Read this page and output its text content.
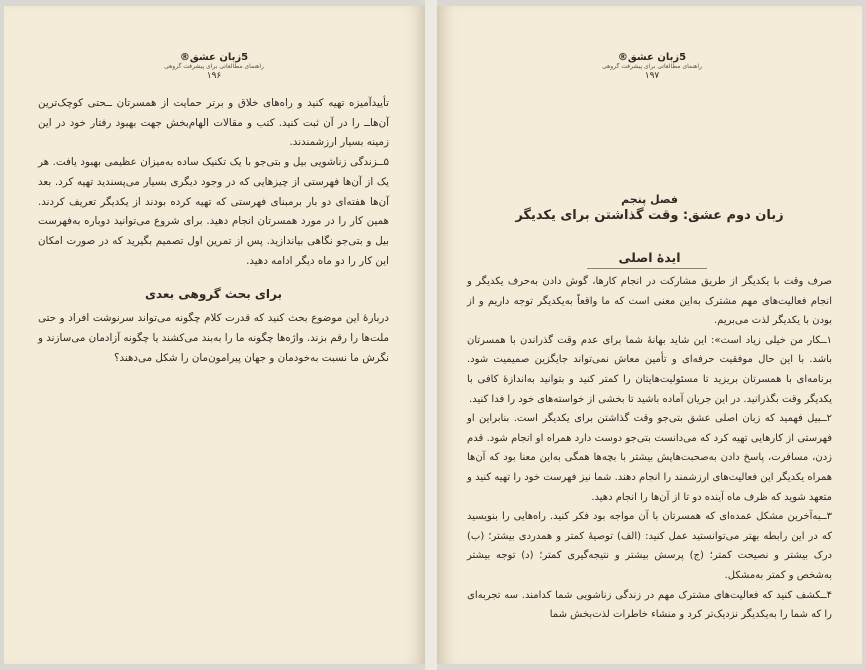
5زبان عشق®
راهنمای مطالعاتی برای پیشرفت گروهی
۱۹۶

تأییدآمیزه تهیه کنید و راه‌های خلاق و برتر حمایت از همسرتان ــحتی کوچک‌ترین آن‌هاــ را در آن ثبت کنید. کتب و مقالات الهام‌بخش جهت بهبود رفتار خود در این زمینه بسیار ارزشمندند.

۵ــزندگی زناشویی بیل و بتی‌جو با یک تکنیک ساده به‌میزان عظیمی بهبود یافت. هر یک از آن‌ها فهرستی از چیزهایی که در وجود دیگری بسیار می‌پسندید تهیه کرد. بعد آن‌ها هفته‌ای دو بار برمبنای فهرستی که تهیه کرده بودند از یکدیگر تعریف کردند. همین کار را در مورد همسرتان انجام دهید. برای شروع می‌توانید دوباره به‌فهرست بیل و بتی‌جو نگاهی بیاندازید. پس از تمرین اول تصمیم بگیرید که در صورت امکان این کار را دو ماه دیگر ادامه دهید.

برای بحث گروهی بعدی

دربارهٔ این موضوع بحث کنید که قدرت کلام چگونه می‌تواند سرنوشت افراد و حتی ملت‌ها را رقم بزند. واژه‌ها چگونه ما را به‌بند می‌کشند یا چگونه آزادمان می‌سازند و نگرش ما نسبت به‌خودمان و جهان پیرامون‌مان را شکل می‌دهند؟

5زبان عشق®
راهنمای مطالعاتی برای پیشرفت گروهی
۱۹۷
فصل پنجم
زبان دوم عشق: وقت گذاشتن برای یکدیگر
ایدهٔ اصلی

صرف وقت با یکدیگر از طریق مشارکت در انجام کارها، گوش دادن به‌حرف یکدیگر و انجام فعالیت‌های مهم مشترک به‌این معنی است که ما واقعاً به‌یکدیگر توجه داریم و از بودن با یکدیگر لذت می‌بریم.

۱ــکار من خیلی زیاد است»: این شاید بهانهٔ شما برای عدم وقت گذراندن با همسرتان باشد. با این حال موفقیت حرفه‌ای و تأمین معاش نمی‌تواند جایگزین صمیمیت شود. برنامه‌ای با همسرتان بریزید تا مسئولیت‌هایتان را کمتر کنید و بتوانید به‌اندازهٔ کافی با یکدیگر وقت بگذرانید. در این جریان آماده باشید تا بخشی از خواسته‌های خود را فدا کنید.

۲ــبیل فهمید که زبان اصلی عشق بتی‌جو وقت گذاشتن برای یکدیگر است. بنابراین او فهرستی از کارهایی تهیه کرد که می‌دانست بتی‌جو دوست دارد همراه او انجام شود. قدم زدن، مسافرت، پاسخ دادن به‌صحبت‌هایش بیشتر با بچه‌ها همگی به‌این معنا بود که آن‌ها همراه یکدیگر این فعالیت‌های ارزشمند را انجام دهند. شما نیز فهرست خود را تهیه کنید و متعهد شوید که ظرف ماه آینده دو تا از آن‌ها را انجام دهید.

۳ــبه‌آخرین مشکل عمده‌ای که همسرتان با آن مواجه بود فکر کنید. راه‌هایی را بنویسید که در این رابطه بهتر می‌توانستید عمل کنید: (الف) توصیهٔ کمتر و همدردی بیشتر؛ (ب) درک بیشتر و نصیحت کمتر؛ (ج) پرسش بیشتر و نتیجه‌گیری کمتر؛ (د) توجه بیشتر به‌شخص و کمتر به‌مشکل.

۴ــکشف کنید که فعالیت‌های مشترک مهم در زندگی زناشویی شما کدامند. سه تجربه‌ای را که شما را به‌یکدیگر نزدیک‌تر کرد و منشاء خاطرات لذت‌بخش شما
